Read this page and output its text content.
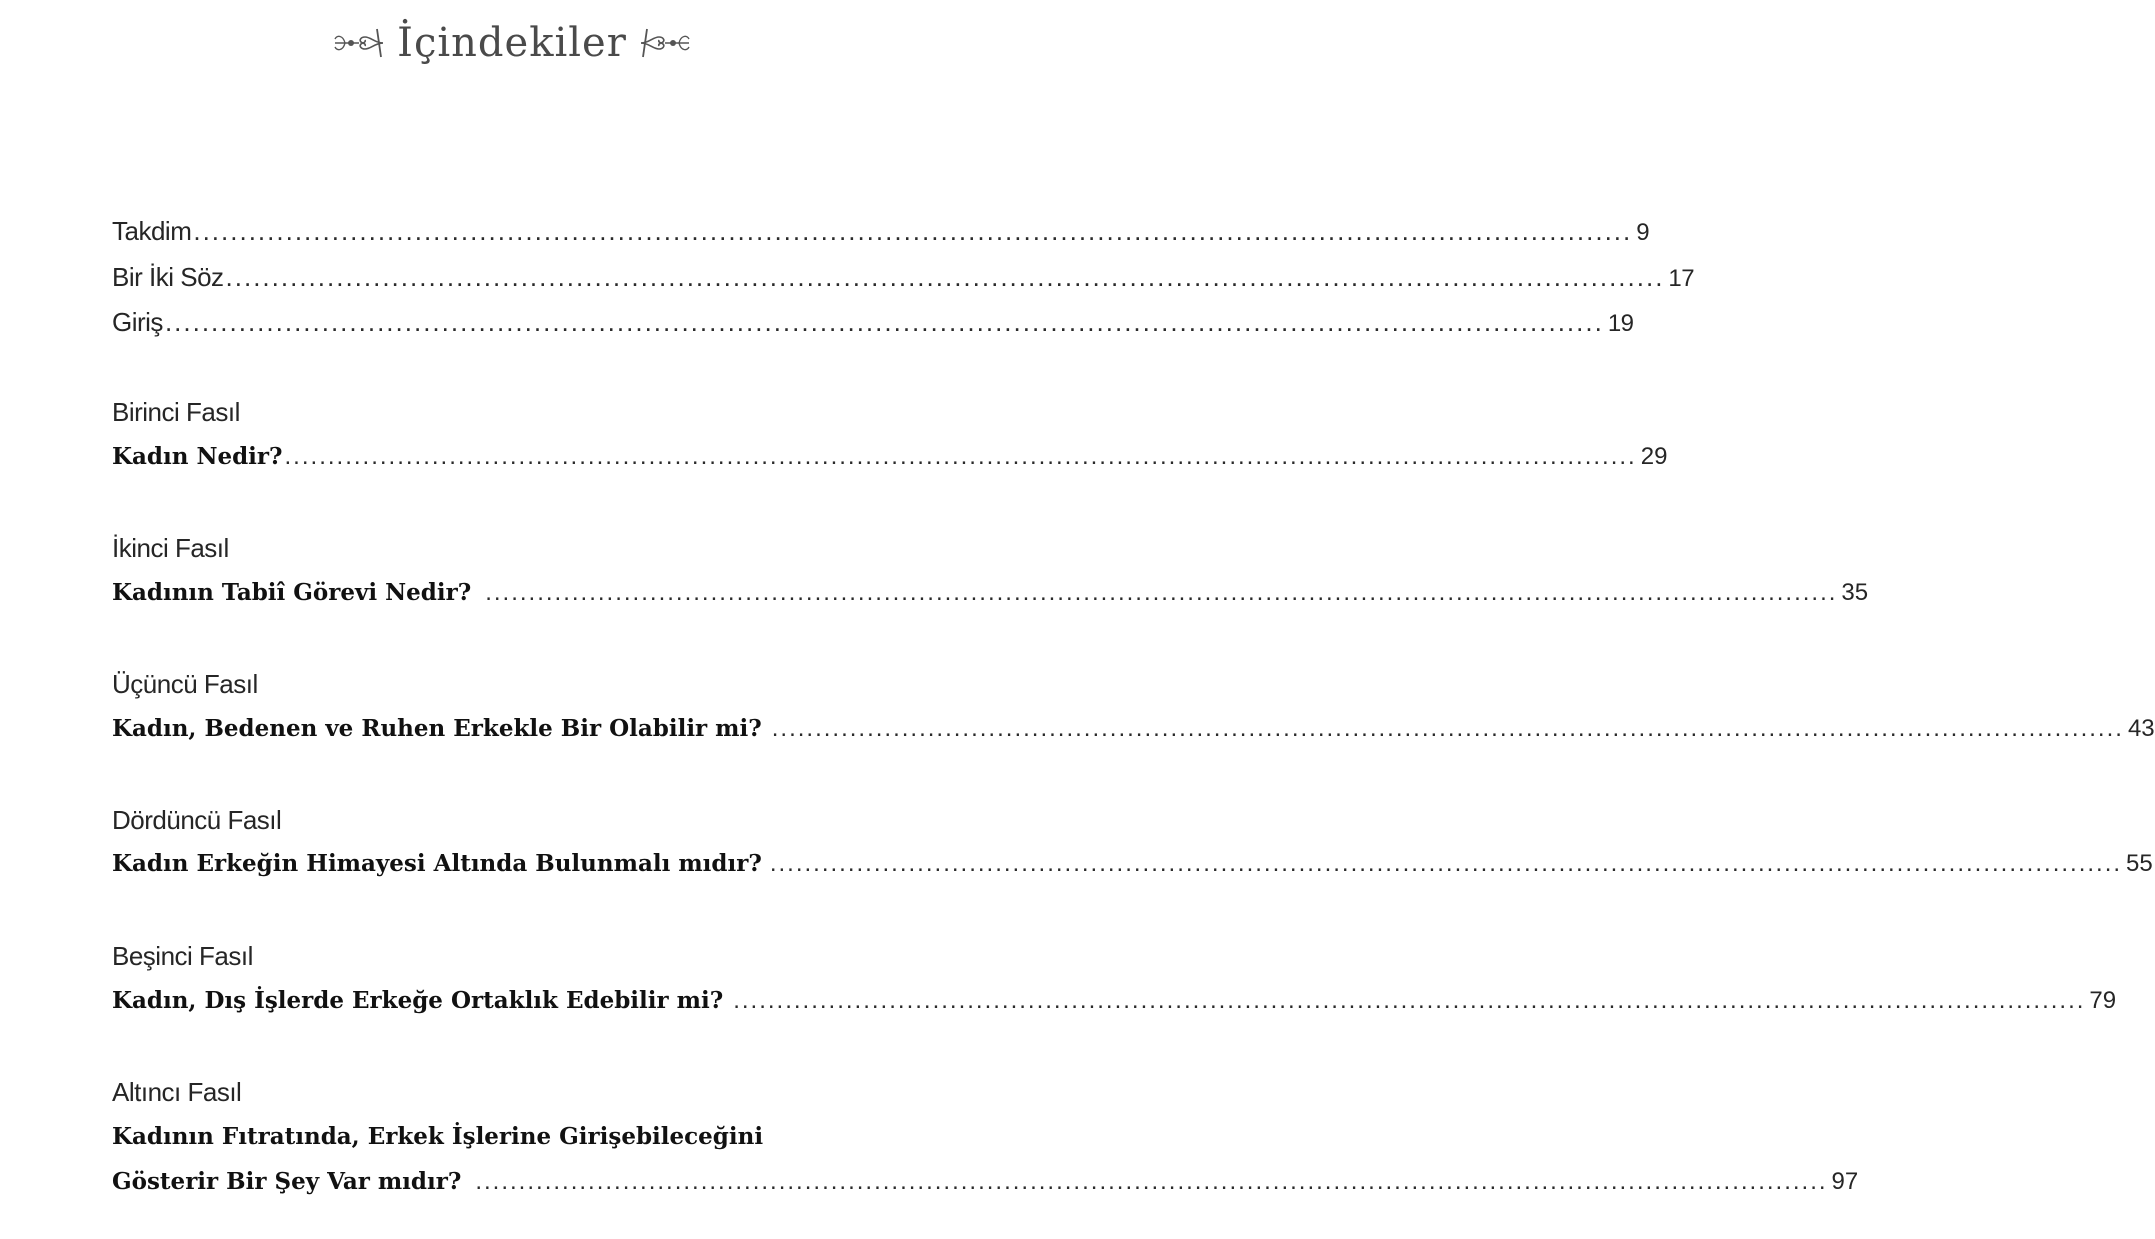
İçindekiler
Takdim ............................................................................................................................................................ 9
Bir İki Söz ............................................................................................................................................................ 17
Giriş ............................................................................................................................................................ 19
Birinci Fasıl
Kadın Nedir? ............................................................................................................................................................ 29
İkinci Fasıl
Kadının Tabiî Görevi Nedir? ............................................................................................................................................................ 35
Üçüncü Fasıl
Kadın, Bedenen ve Ruhen Erkekle Bir Olabilir mi? ............................................................................................................................................................ 43
Dördüncü Fasıl
Kadın Erkeğin Himayesi Altında Bulunmalı mıdır? ............................................................................................................................................................ 55
Beşinci Fasıl
Kadın, Dış İşlerde Erkeğe Ortaklık Edebilir mi? ............................................................................................................................................................ 79
Altıncı Fasıl
Kadının Fıtratında, Erkek İşlerine Girişebileceğini
Gösterir Bir Şey Var mıdır? ............................................................................................................................................................ 97
